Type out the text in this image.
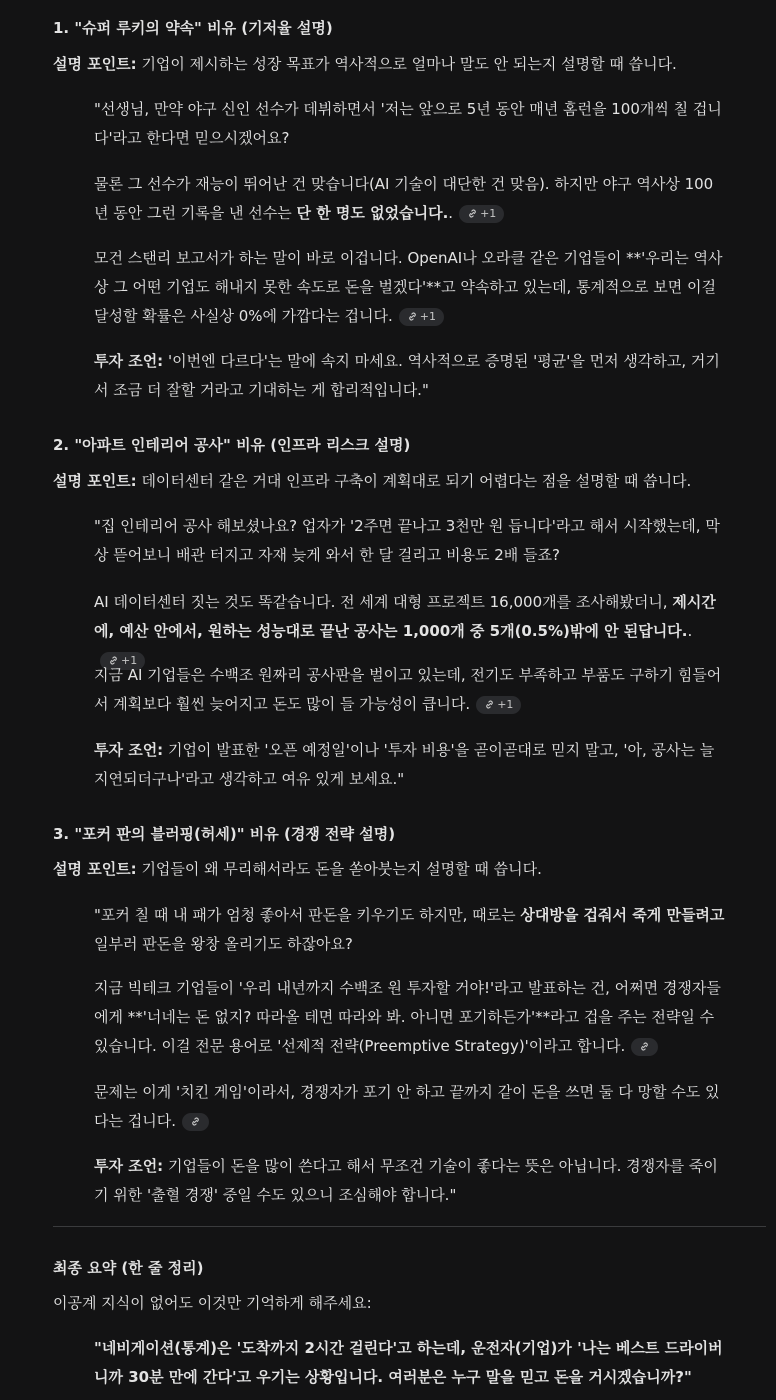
1. "슈퍼 루키의 약속" 비유 (기저율 설명)

설명 포인트: 기업이 제시하는 성장 목표가 역사적으로 얼마나 말도 안 되는지 설명할 때 씁니다.

"선생님, 만약 야구 신인 선수가 데뷔하면서 '저는 앞으로 5년 동안 매년 홈런을 100개씩 칠 겁니다'라고 한다면 믿으시겠어요?

물론 그 선수가 재능이 뛰어난 건 맞습니다(AI 기술이 대단한 건 맞음). 하지만 야구 역사상 100년 동안 그런 기록을 낸 선수는 단 한 명도 없었습니다.. +1

모건 스탠리 보고서가 하는 말이 바로 이겁니다. OpenAI나 오라클 같은 기업들이 **'우리는 역사상 그 어떤 기업도 해내지 못한 속도로 돈을 벌겠다'**고 약속하고 있는데, 통계적으로 보면 이걸 달성할 확률은 사실상 0%에 가깝다는 겁니다. +1

투자 조언: '이번엔 다르다'는 말에 속지 마세요. 역사적으로 증명된 '평균'을 먼저 생각하고, 거기서 조금 더 잘할 거라고 기대하는 게 합리적입니다."

2. "아파트 인테리어 공사" 비유 (인프라 리스크 설명)

설명 포인트: 데이터센터 같은 거대 인프라 구축이 계획대로 되기 어렵다는 점을 설명할 때 씁니다.

"집 인테리어 공사 해보셨나요? 업자가 '2주면 끝나고 3천만 원 듭니다'라고 해서 시작했는데, 막상 뜯어보니 배관 터지고 자재 늦게 와서 한 달 걸리고 비용도 2배 들죠?

AI 데이터센터 짓는 것도 똑같습니다. 전 세계 대형 프로젝트 16,000개를 조사해봤더니, 제시간에, 예산 안에서, 원하는 성능대로 끝난 공사는 1,000개 중 5개(0.5%)밖에 안 된답니다..
+1

지금 AI 기업들은 수백조 원짜리 공사판을 벌이고 있는데, 전기도 부족하고 부품도 구하기 힘들어서 계획보다 훨씬 늦어지고 돈도 많이 들 가능성이 큽니다. +1

투자 조언: 기업이 발표한 '오픈 예정일'이나 '투자 비용'을 곧이곧대로 믿지 말고, '아, 공사는 늘 지연되더구나'라고 생각하고 여유 있게 보세요."

3. "포커 판의 블러핑(허세)" 비유 (경쟁 전략 설명)

설명 포인트: 기업들이 왜 무리해서라도 돈을 쏟아붓는지 설명할 때 씁니다.

"포커 칠 때 내 패가 엄청 좋아서 판돈을 키우기도 하지만, 때로는 상대방을 겁줘서 죽게 만들려고 일부러 판돈을 왕창 올리기도 하잖아요?

지금 빅테크 기업들이 '우리 내년까지 수백조 원 투자할 거야!'라고 발표하는 건, 어쩌면 경쟁자들에게 **'너네는 돈 없지? 따라올 테면 따라와 봐. 아니면 포기하든가'**라고 겁을 주는 전략일 수 있습니다. 이걸 전문 용어로 '선제적 전략(Preemptive Strategy)'이라고 합니다.

문제는 이게 '치킨 게임'이라서, 경쟁자가 포기 안 하고 끝까지 같이 돈을 쓰면 둘 다 망할 수도 있다는 겁니다.

투자 조언: 기업들이 돈을 많이 쓴다고 해서 무조건 기술이 좋다는 뜻은 아닙니다. 경쟁자를 죽이기 위한 '출혈 경쟁' 중일 수도 있으니 조심해야 합니다."

최종 요약 (한 줄 정리)

이공계 지식이 없어도 이것만 기억하게 해주세요:

"네비게이션(통계)은 '도착까지 2시간 걸린다'고 하는데, 운전자(기업)가 '나는 베스트 드라이버니까 30분 만에 간다'고 우기는 상황입니다. 여러분은 누구 말을 믿고 돈을 거시겠습니까?"
